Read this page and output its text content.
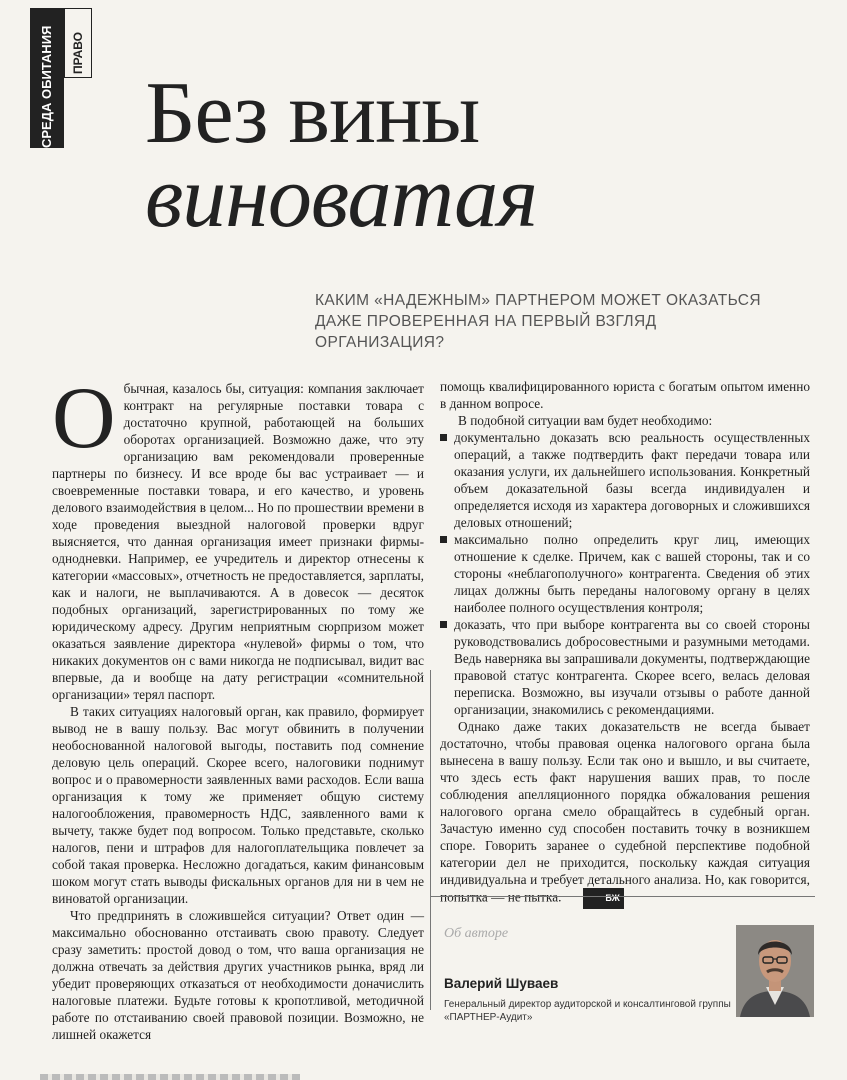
СРЕДА ОБИТАНИЯ ПРАВО
Без вины
виноватая
КАКИМ «НАДЕЖНЫМ» ПАРТНЕРОМ МОЖЕТ ОКАЗАТЬСЯ ДАЖЕ ПРОВЕРЕННАЯ НА ПЕРВЫЙ ВЗГЛЯД ОРГАНИЗАЦИЯ?

Обычная, казалось бы, ситуация: компания заключает контракт на регулярные поставки товара с достаточно крупной, работающей на больших оборотах организацией. Возможно даже, что эту организацию вам рекомендовали проверенные партнеры по бизнесу. И все вроде бы вас устраивает — и своевременные поставки товара, и его качество, и уровень делового взаимодействия в целом... Но по прошествии времени в ходе проведения выездной налоговой проверки вдруг выясняется, что данная организация имеет признаки фирмы-однодневки. Например, ее учредитель и директор отнесены к категории «массовых», отчетность не предоставляется, зарплаты, как и налоги, не выплачиваются. А в довесок — десяток подобных организаций, зарегистрированных по тому же юридическому адресу. Другим неприятным сюрпризом может оказаться заявление директора «нулевой» фирмы о том, что никаких документов он с вами никогда не подписывал, видит вас впервые, да и вообще на дату регистрации «сомнительной организации» терял паспорт.

В таких ситуациях налоговый орган, как правило, формирует вывод не в вашу пользу. Вас могут обвинить в получении необоснованной налоговой выгоды, поставить под сомнение деловую цель операций. Скорее всего, налоговики поднимут вопрос и о правомерности заявленных вами расходов. Если ваша организация к тому же применяет общую систему налогообложения, правомерность НДС, заявленного вами к вычету, также будет под вопросом. Только представьте, сколько налогов, пени и штрафов для налогоплательщика повлечет за собой такая проверка. Несложно догадаться, каким финансовым шоком могут стать выводы фискальных органов для ни в чем не виноватой организации.

Что предпринять в сложившейся ситуации? Ответ один — максимально обоснованно отстаивать свою правоту. Следует сразу заметить: простой довод о том, что ваша организация не должна отвечать за действия других участников рынка, вряд ли убедит проверяющих отказаться от необходимости доначислить налоговые платежи. Будьте готовы к кропотливой, методичной работе по отстаиванию своей правовой позиции. Возможно, не лишней окажется

помощь квалифицированного юриста с богатым опытом именно в данном вопросе.

В подобной ситуации вам будет необходимо:

документально доказать всю реальность осуществленных операций, а также подтвердить факт передачи товара или оказания услуги, их дальнейшего использования. Конкретный объем доказательной базы всегда индивидуален и определяется исходя из характера договорных и сложившихся деловых отношений;
максимально полно определить круг лиц, имеющих отношение к сделке. Причем, как с вашей стороны, так и со стороны «неблагополучного» контрагента. Сведения об этих лицах должны быть переданы налоговому органу в целях наиболее полного осуществления контроля;
доказать, что при выборе контрагента вы со своей стороны руководствовались добросовестными и разумными методами. Ведь наверняка вы запрашивали документы, подтверждающие правовой статус контрагента. Скорее всего, велась деловая переписка. Возможно, вы изучали отзывы о работе данной организации, знакомились с рекомендациями.

Однако даже таких доказательств не всегда бывает достаточно, чтобы правовая оценка налогового органа была вынесена в вашу пользу. Если так оно и вышло, и вы считаете, что здесь есть факт нарушения ваших прав, то после соблюдения апелляционного порядка обжалования решения налогового органа смело обращайтесь в судебный орган. Зачастую именно суд способен поставить точку в возникшем споре. Говорить заранее о судебной перспективе подобной категории дел не приходится, поскольку каждая ситуация индивидуальна и требует детального анализа. Но, как говорится, попытка — не пытка.	БЖ

Об авторе
Валерий Шуваев
Генеральный директор аудиторской и консалтинговой группы «ПАРТНЕР-Аудит»
